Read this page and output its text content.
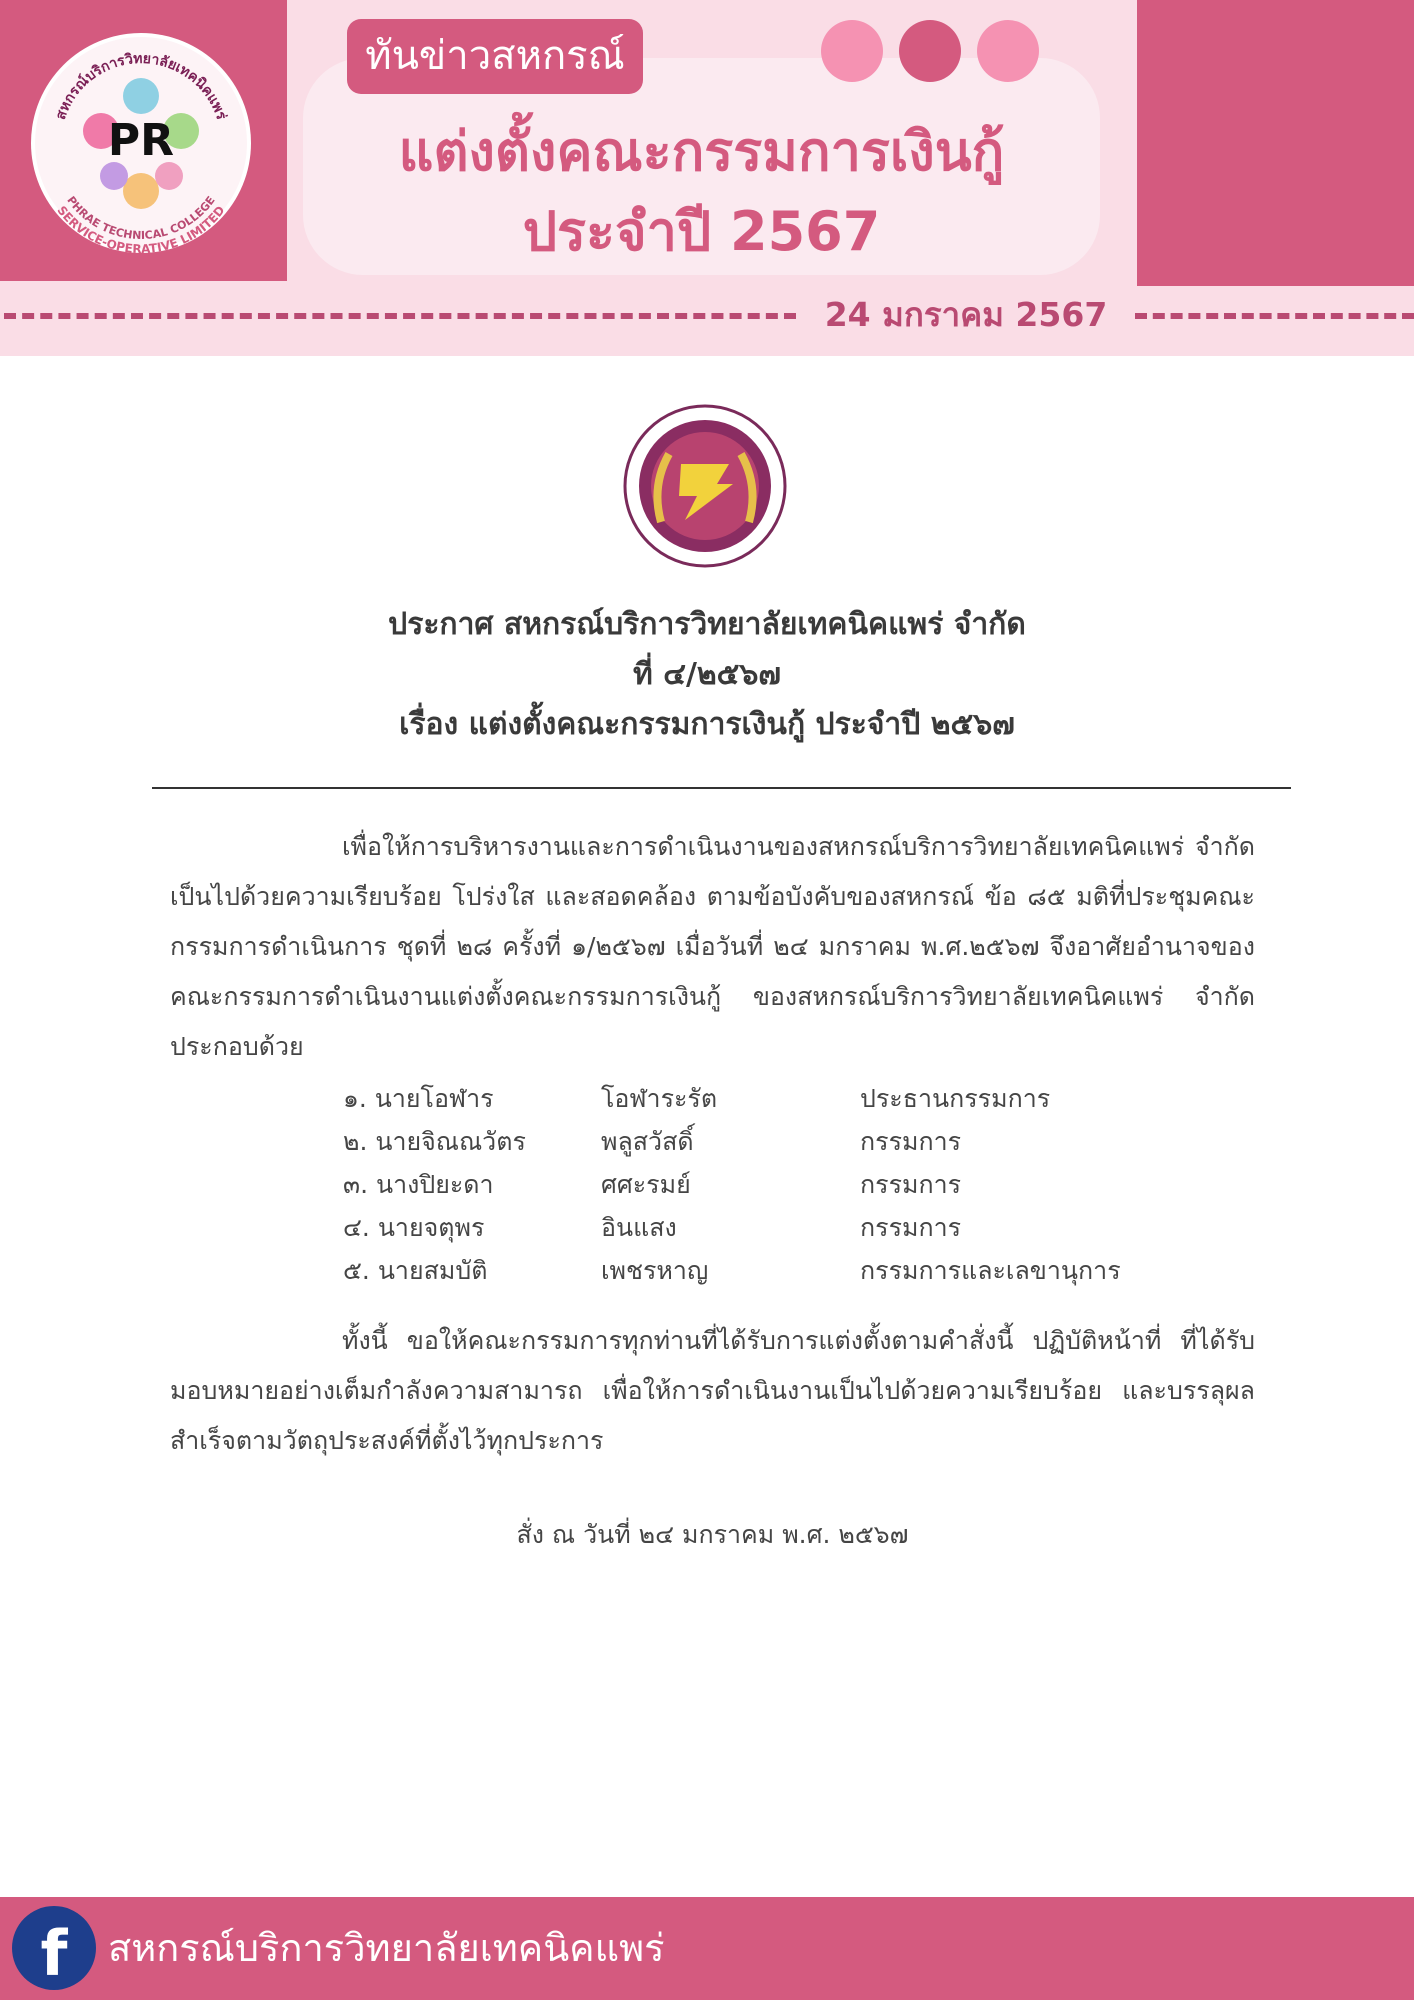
PR
สหกรณ์บริการวิทยาลัยเทคนิคแพร่
PHRAE TECHNICAL COLLEGE
SERVICE-OPERATIVE LIMITED
ทันข่าวสหกรณ์
แต่งตั้งคณะกรรมการเงินกู้
ประจำปี 2567
24 มกราคม 2567
ประกาศ สหกรณ์บริการวิทยาลัยเทคนิคแพร่ จำกัด
ที่ ๔/๒๕๖๗
เรื่อง แต่งตั้งคณะกรรมการเงินกู้ ประจำปี ๒๕๖๗
เพื่อให้การบริหารงานและการดำเนินงานของสหกรณ์บริการวิทยาลัยเทคนิคแพร่ จำกัด เป็นไปด้วยความเรียบร้อย โปร่งใส และสอดคล้อง ตามข้อบังคับของสหกรณ์ ข้อ ๘๕ มติที่ประชุมคณะกรรมการดำเนินการ ชุดที่ ๒๘ ครั้งที่ ๑/๒๕๖๗ เมื่อวันที่ ๒๔ มกราคม พ.ศ.๒๕๖๗ จึงอาศัยอำนาจของคณะกรรมการดำเนินงานแต่งตั้งคณะกรรมการเงินกู้ ของสหกรณ์บริการวิทยาลัยเทคนิคแพร่ จำกัด ประกอบด้วย
๑. นายโอฬาร	โอฬาระรัต	ประธานกรรมการ
๒. นายจิณณวัตร	พลูสวัสดิ์	กรรมการ
๓. นางปิยะดา	ศศะรมย์	กรรมการ
๔. นายจตุพร	อินแสง	กรรมการ
๕. นายสมบัติ	เพชรหาญ	กรรมการและเลขานุการ
ทั้งนี้ ขอให้คณะกรรมการทุกท่านที่ได้รับการแต่งตั้งตามคำสั่งนี้ ปฏิบัติหน้าที่ ที่ได้รับมอบหมายอย่างเต็มกำลังความสามารถ เพื่อให้การดำเนินงานเป็นไปด้วยความเรียบร้อย และบรรลุผลสำเร็จตามวัตถุประสงค์ที่ตั้งไว้ทุกประการ
สั่ง ณ วันที่ ๒๔ มกราคม พ.ศ. ๒๕๖๗
f	สหกรณ์บริการวิทยาลัยเทคนิคแพร่
